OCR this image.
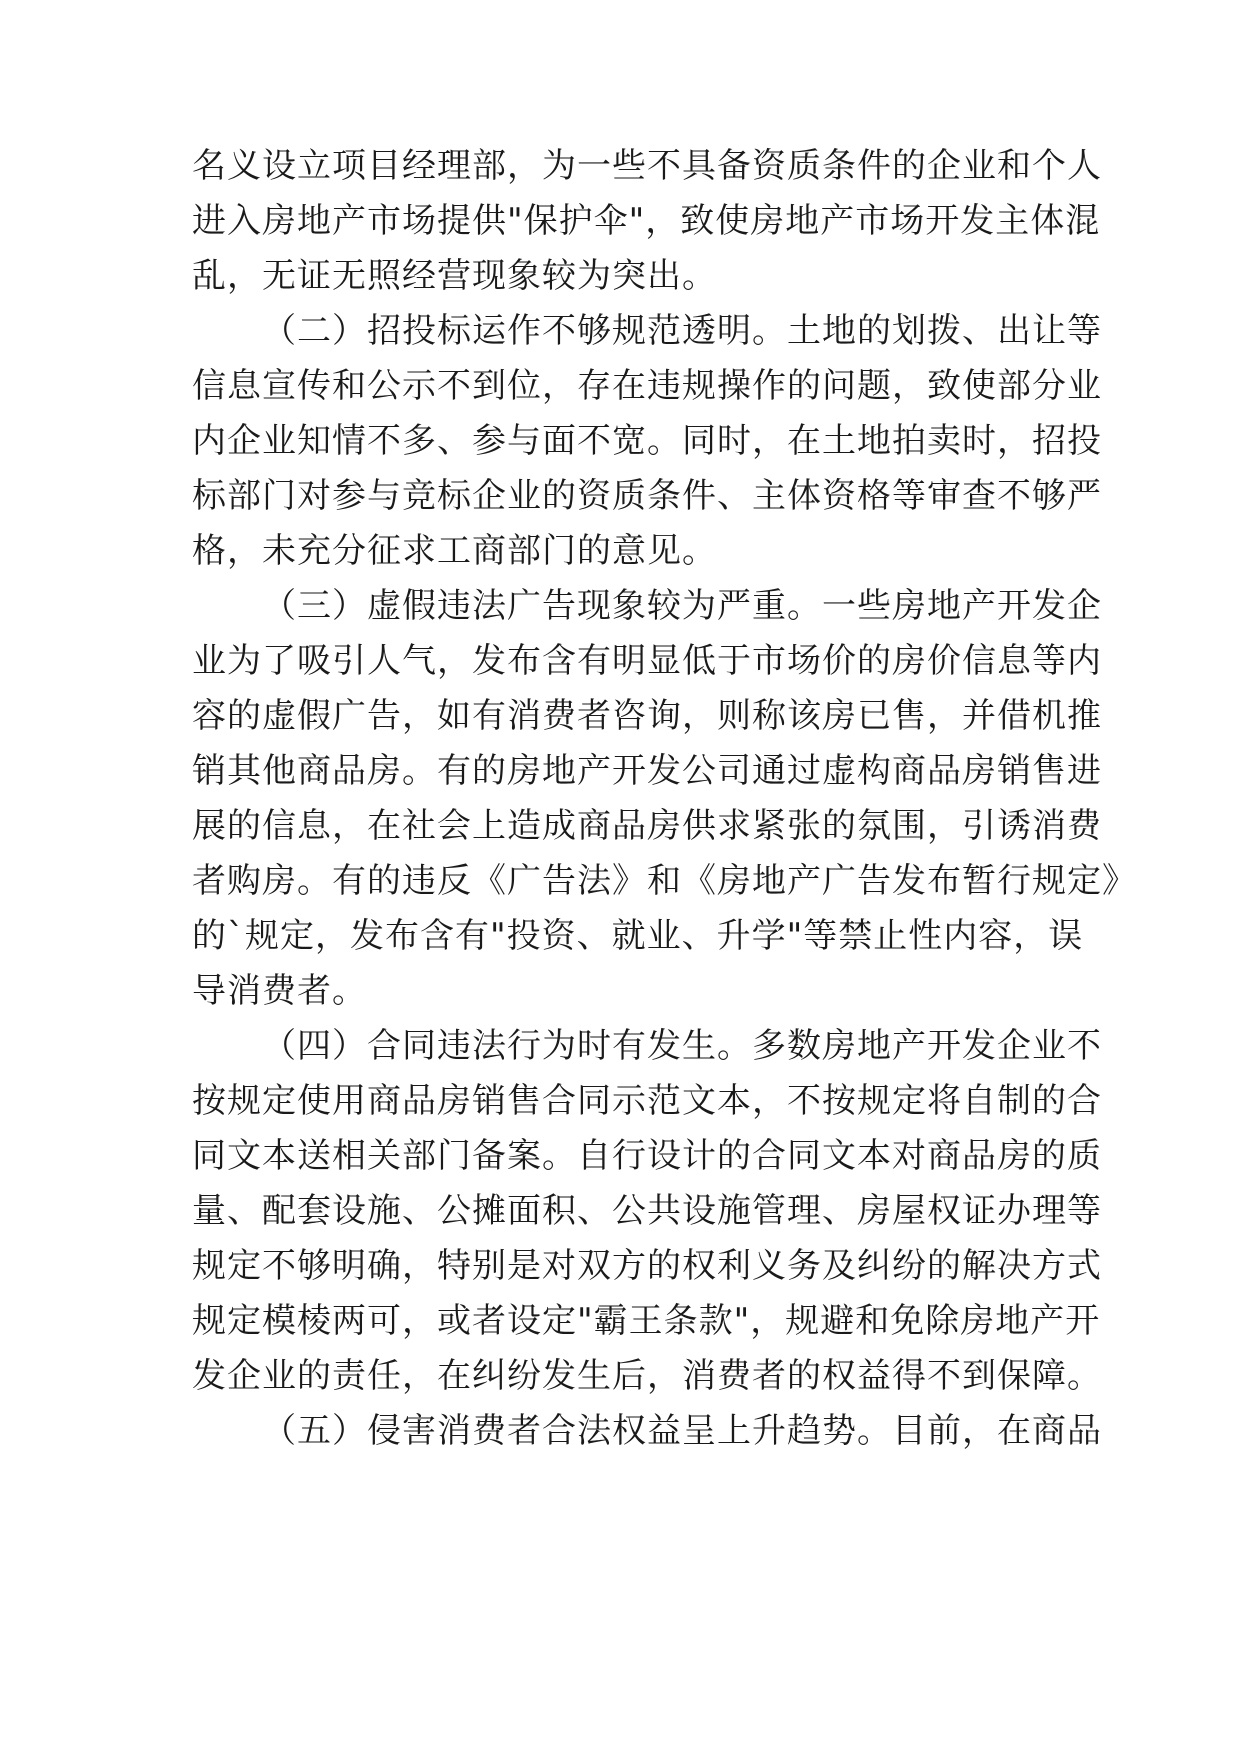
名义设立项目经理部，为一些不具备资质条件的企业和个人
进入房地产市场提供"保护伞"，致使房地产市场开发主体混
乱，无证无照经营现象较为突出。
（二）招投标运作不够规范透明。土地的划拨、出让等
信息宣传和公示不到位，存在违规操作的问题，致使部分业
内企业知情不多、参与面不宽。同时，在土地拍卖时，招投
标部门对参与竞标企业的资质条件、主体资格等审查不够严
格，未充分征求工商部门的意见。
（三）虚假违法广告现象较为严重。一些房地产开发企
业为了吸引人气，发布含有明显低于市场价的房价信息等内
容的虚假广告，如有消费者咨询，则称该房已售，并借机推
销其他商品房。有的房地产开发公司通过虚构商品房销售进
展的信息，在社会上造成商品房供求紧张的氛围，引诱消费
者购房。有的违反《广告法》和《房地产广告发布暂行规定》
的`规定，发布含有"投资、就业、升学"等禁止性内容，误
导消费者。
（四）合同违法行为时有发生。多数房地产开发企业不
按规定使用商品房销售合同示范文本，不按规定将自制的合
同文本送相关部门备案。自行设计的合同文本对商品房的质
量、配套设施、公摊面积、公共设施管理、房屋权证办理等
规定不够明确，特别是对双方的权利义务及纠纷的解决方式
规定模棱两可，或者设定"霸王条款"，规避和免除房地产开
发企业的责任，在纠纷发生后，消费者的权益得不到保障。
（五）侵害消费者合法权益呈上升趋势。目前，在商品
